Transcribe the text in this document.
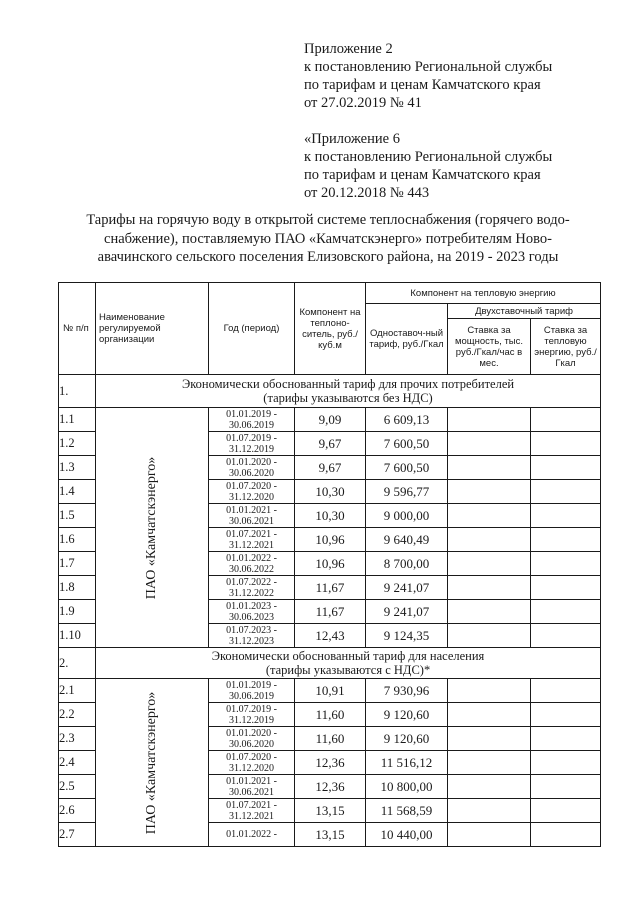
Приложение 2
к постановлению Региональной службы
по тарифам и ценам Камчатского края
от 27.02.2019 № 41
«Приложение 6
к постановлению Региональной службы
по тарифам и ценам Камчатского края
от 20.12.2018 № 443
Тарифы на горячую воду в открытой системе теплоснабжения (горячего водо-
снабжение), поставляемую ПАО «Камчатскэнерго» потребителям Ново-
авачинского сельского поселения Елизовского района, на 2019 - 2023 годы
№ п/п	Наименование регулируемой организации	Год (период)	Компонент на теплоно-ситель, руб./куб.м	Компонент на тепловую энергию		
				Одноставоч-ный тариф, руб./Гкал	Двухставочный тариф	
					Ставка за мощность, тыс. руб./Гкал/час в мес.	Ставка за тепловую энергию, руб./Гкал
1.	Экономически обоснованный тариф для прочих потребителей
(тарифы указываются без НДС)					

1.1	ПАО «Камчатскэнерго»	01.01.2019 -
30.06.2019	9,09	6 609,13		
1.2		01.07.2019 -
31.12.2019	9,67	7 600,50		
1.3		01.01.2020 -
30.06.2020	9,67	7 600,50		
1.4		01.07.2020 -
31.12.2020	10,30	9 596,77		
1.5		01.01.2021 -
30.06.2021	10,30	9 000,00		
1.6		01.07.2021 -
31.12.2021	10,96	9 640,49		
1.7		01.01.2022 -
30.06.2022	10,96	8 700,00		
1.8		01.07.2022 -
31.12.2022	11,67	9 241,07		
1.9		01.01.2023 -
30.06.2023	11,67	9 241,07		
1.10		01.07.2023 -
31.12.2023	12,43	9 124,35		
2.	Экономически обоснованный тариф для населения
(тарифы указываются с НДС)*					

2.1	ПАО «Камчатскэнерго»	01.01.2019 -
30.06.2019	10,91	7 930,96		
2.2		01.07.2019 -
31.12.2019	11,60	9 120,60		
2.3		01.01.2020 -
30.06.2020	11,60	9 120,60		
2.4		01.07.2020 -
31.12.2020	12,36	11 516,12		
2.5		01.01.2021 -
30.06.2021	12,36	10 800,00		
2.6		01.07.2021 -
31.12.2021	13,15	11 568,59		
2.7		01.01.2022 -	13,15	10 440,00		
